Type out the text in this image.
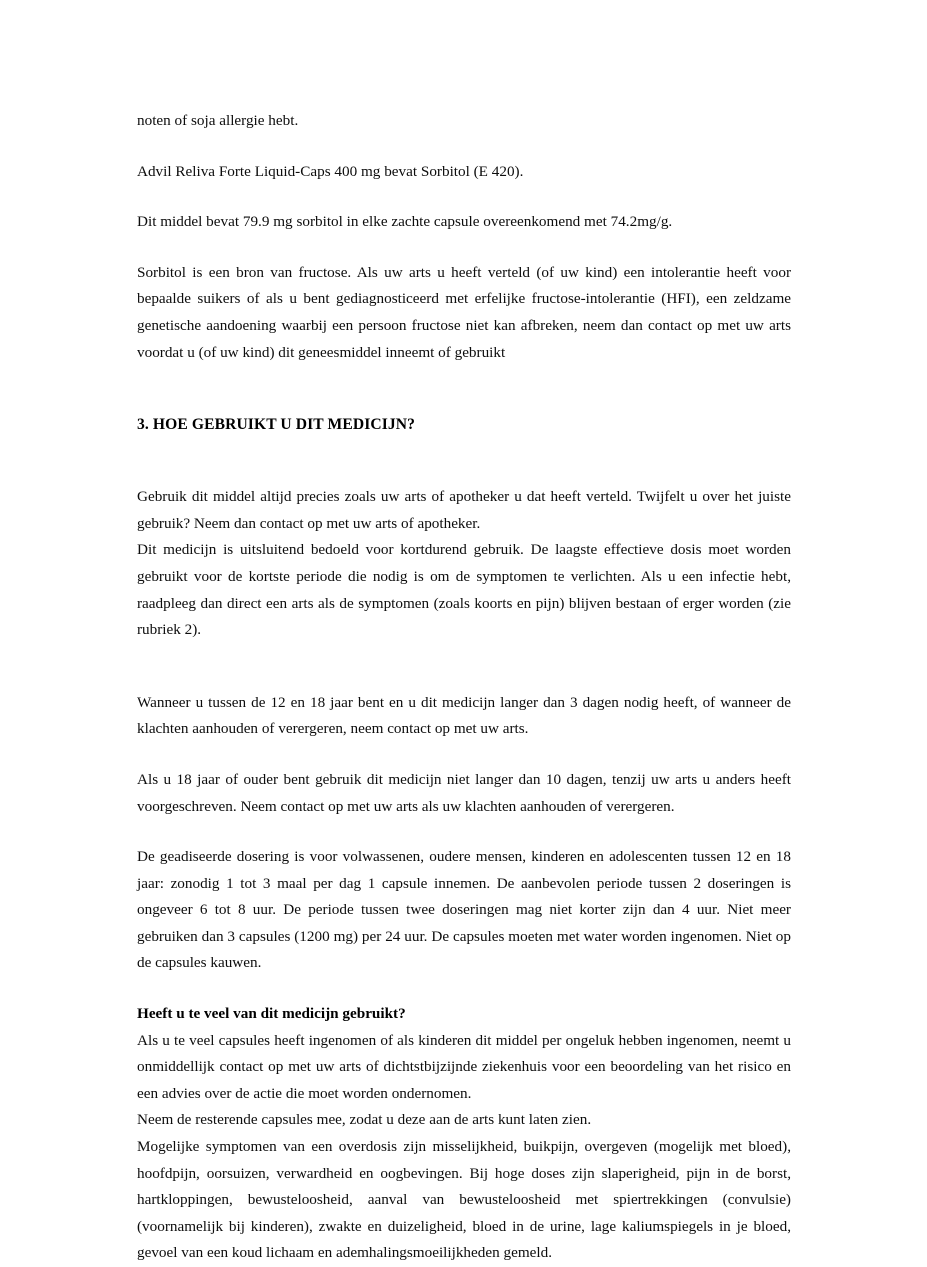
noten of soja allergie hebt.

Advil Reliva Forte Liquid-Caps 400 mg bevat Sorbitol (E 420).

Dit middel bevat 79.9 mg sorbitol in elke zachte capsule overeenkomend met 74.2mg/g.

Sorbitol is een bron van fructose. Als uw arts u heeft verteld (of uw kind) een intolerantie heeft voor bepaalde suikers of als u bent gediagnosticeerd met erfelijke fructose-intolerantie (HFI), een zeldzame genetische aandoening waarbij een persoon fructose niet kan afbreken, neem dan contact op met uw arts voordat u (of uw kind) dit geneesmiddel inneemt of gebruikt

3. HOE GEBRUIKT U DIT MEDICIJN?

Gebruik dit middel altijd precies zoals uw arts of apotheker u dat heeft verteld. Twijfelt u over het juiste gebruik? Neem dan contact op met uw arts of apotheker.

Dit medicijn is uitsluitend bedoeld voor kortdurend gebruik. De laagste effectieve dosis moet worden gebruikt voor de kortste periode die nodig is om de symptomen te verlichten. Als u een infectie hebt, raadpleeg dan direct een arts als de symptomen (zoals koorts en pijn) blijven bestaan of erger worden (zie rubriek 2).

Wanneer u tussen de 12 en 18 jaar bent en u dit medicijn langer dan 3 dagen nodig heeft, of wanneer de klachten aanhouden of verergeren, neem contact op met uw arts.

Als u 18 jaar of ouder bent gebruik dit medicijn niet langer dan 10 dagen, tenzij uw arts u anders heeft voorgeschreven. Neem contact op met uw arts als uw klachten aanhouden of verergeren.

De geadiseerde dosering is voor volwassenen, oudere mensen, kinderen en adolescenten tussen 12 en 18 jaar: zonodig 1 tot 3 maal per dag 1 capsule innemen. De aanbevolen periode tussen 2 doseringen is ongeveer 6 tot 8 uur. De periode tussen twee doseringen mag niet korter zijn dan 4 uur. Niet meer gebruiken dan 3 capsules (1200 mg) per 24 uur. De capsules moeten met water worden ingenomen. Niet op de capsules kauwen.

Heeft u te veel van dit medicijn gebruikt?

Als u te veel capsules heeft ingenomen of als kinderen dit middel per ongeluk hebben ingenomen, neemt u onmiddellijk contact op met uw arts of dichtstbijzijnde ziekenhuis voor een beoordeling van het risico en een advies over de actie die moet worden ondernomen.

Neem de resterende capsules mee, zodat u deze aan de arts kunt laten zien.

Mogelijke symptomen van een overdosis zijn misselijkheid, buikpijn, overgeven (mogelijk met bloed), hoofdpijn, oorsuizen, verwardheid en oogbevingen. Bij hoge doses zijn slaperigheid, pijn in de borst, hartkloppingen, bewusteloosheid, aanval van bewusteloosheid met spiertrekkingen (convulsie) (voornamelijk bij kinderen), zwakte en duizeligheid, bloed in de urine, lage kaliumspiegels in je bloed, gevoel van een koud lichaam en ademhalingsmoeilijkheden gemeld.
